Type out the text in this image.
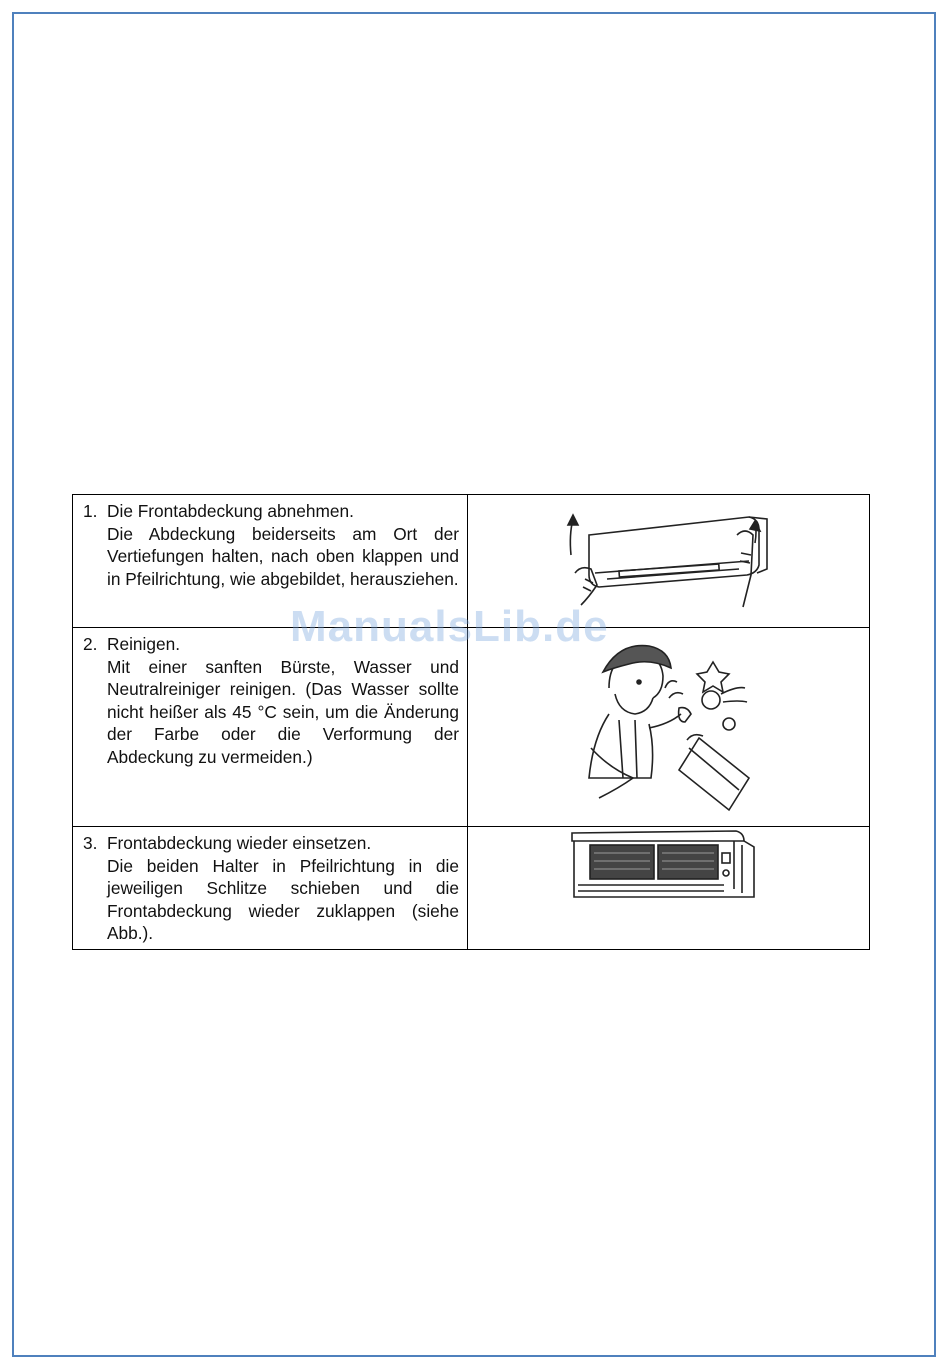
1. Die Frontabdeckung abnehmen.

Die Abdeckung beiderseits am Ort der Vertiefungen halten, nach oben klappen und in Pfeilrichtung, wie abgebildet, herausziehen.

2. Reinigen.

Mit einer sanften Bürste, Wasser und Neutralreiniger reinigen. (Das Wasser sollte nicht heißer als 45 °C sein, um die Änderung der Farbe oder die Verformung der Abdeckung zu vermeiden.)

3. Frontabdeckung wieder einsetzen.

Die beiden Halter in Pfeilrichtung in die jeweiligen Schlitze schieben und die Frontabdeckung wieder zuklappen (siehe Abb.).

ManualsLib.de
